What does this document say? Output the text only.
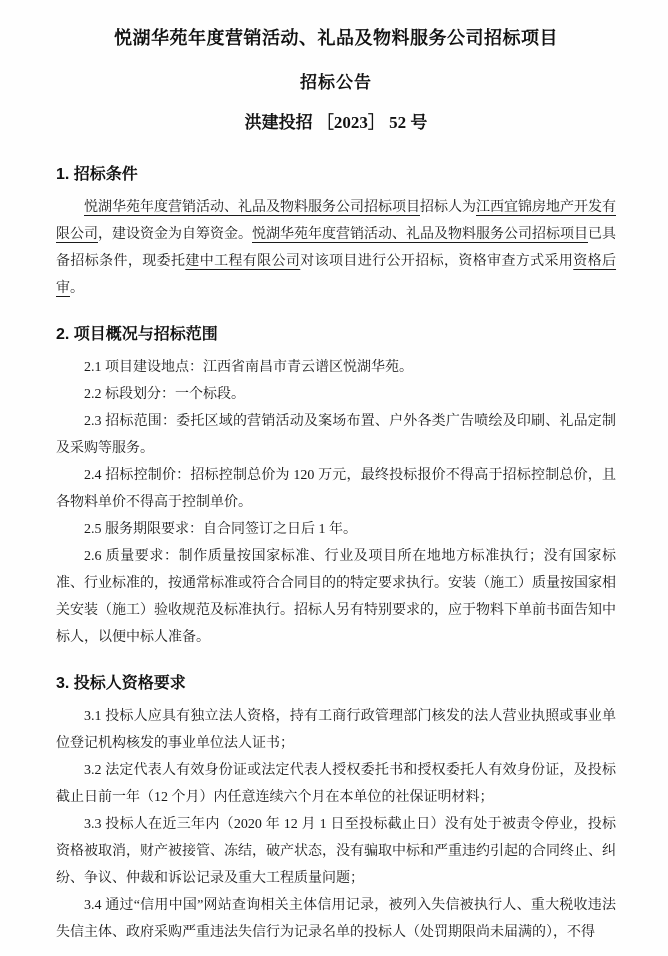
悦湖华苑年度营销活动、礼品及物料服务公司招标项目
招标公告
洪建投招 ［2023］ 52 号
1. 招标条件

悦湖华苑年度营销活动、礼品及物料服务公司招标项目招标人为江西宜锦房地产开发有限公司，建设资金为自筹资金。悦湖华苑年度营销活动、礼品及物料服务公司招标项目已具备招标条件，现委托建中工程有限公司对该项目进行公开招标，资格审查方式采用资格后审。

2. 项目概况与招标范围

2.1 项目建设地点：江西省南昌市青云谱区悦湖华苑。

2.2 标段划分：一个标段。

2.3 招标范围：委托区域的营销活动及案场布置、户外各类广告喷绘及印刷、礼品定制及采购等服务。

2.4 招标控制价：招标控制总价为 120 万元，最终投标报价不得高于招标控制总价，且各物料单价不得高于控制单价。

2.5 服务期限要求：自合同签订之日后 1 年。

2.6 质量要求：制作质量按国家标准、行业及项目所在地地方标准执行；没有国家标准、行业标准的，按通常标准或符合合同目的的特定要求执行。安装（施工）质量按国家相关安装（施工）验收规范及标准执行。招标人另有特别要求的，应于物料下单前书面告知中标人，以便中标人准备。

3. 投标人资格要求

3.1 投标人应具有独立法人资格，持有工商行政管理部门核发的法人营业执照或事业单位登记机构核发的事业单位法人证书；

3.2 法定代表人有效身份证或法定代表人授权委托书和授权委托人有效身份证，及投标截止日前一年（12 个月）内任意连续六个月在本单位的社保证明材料；

3.3 投标人在近三年内（2020 年 12 月 1 日至投标截止日）没有处于被责令停业，投标资格被取消，财产被接管、冻结，破产状态，没有骗取中标和严重违约引起的合同终止、纠纷、争议、仲裁和诉讼记录及重大工程质量问题；

3.4 通过“信用中国”网站查询相关主体信用记录，被列入失信被执行人、重大税收违法失信主体、政府采购严重违法失信行为记录名单的投标人（处罚期限尚未届满的），不得
